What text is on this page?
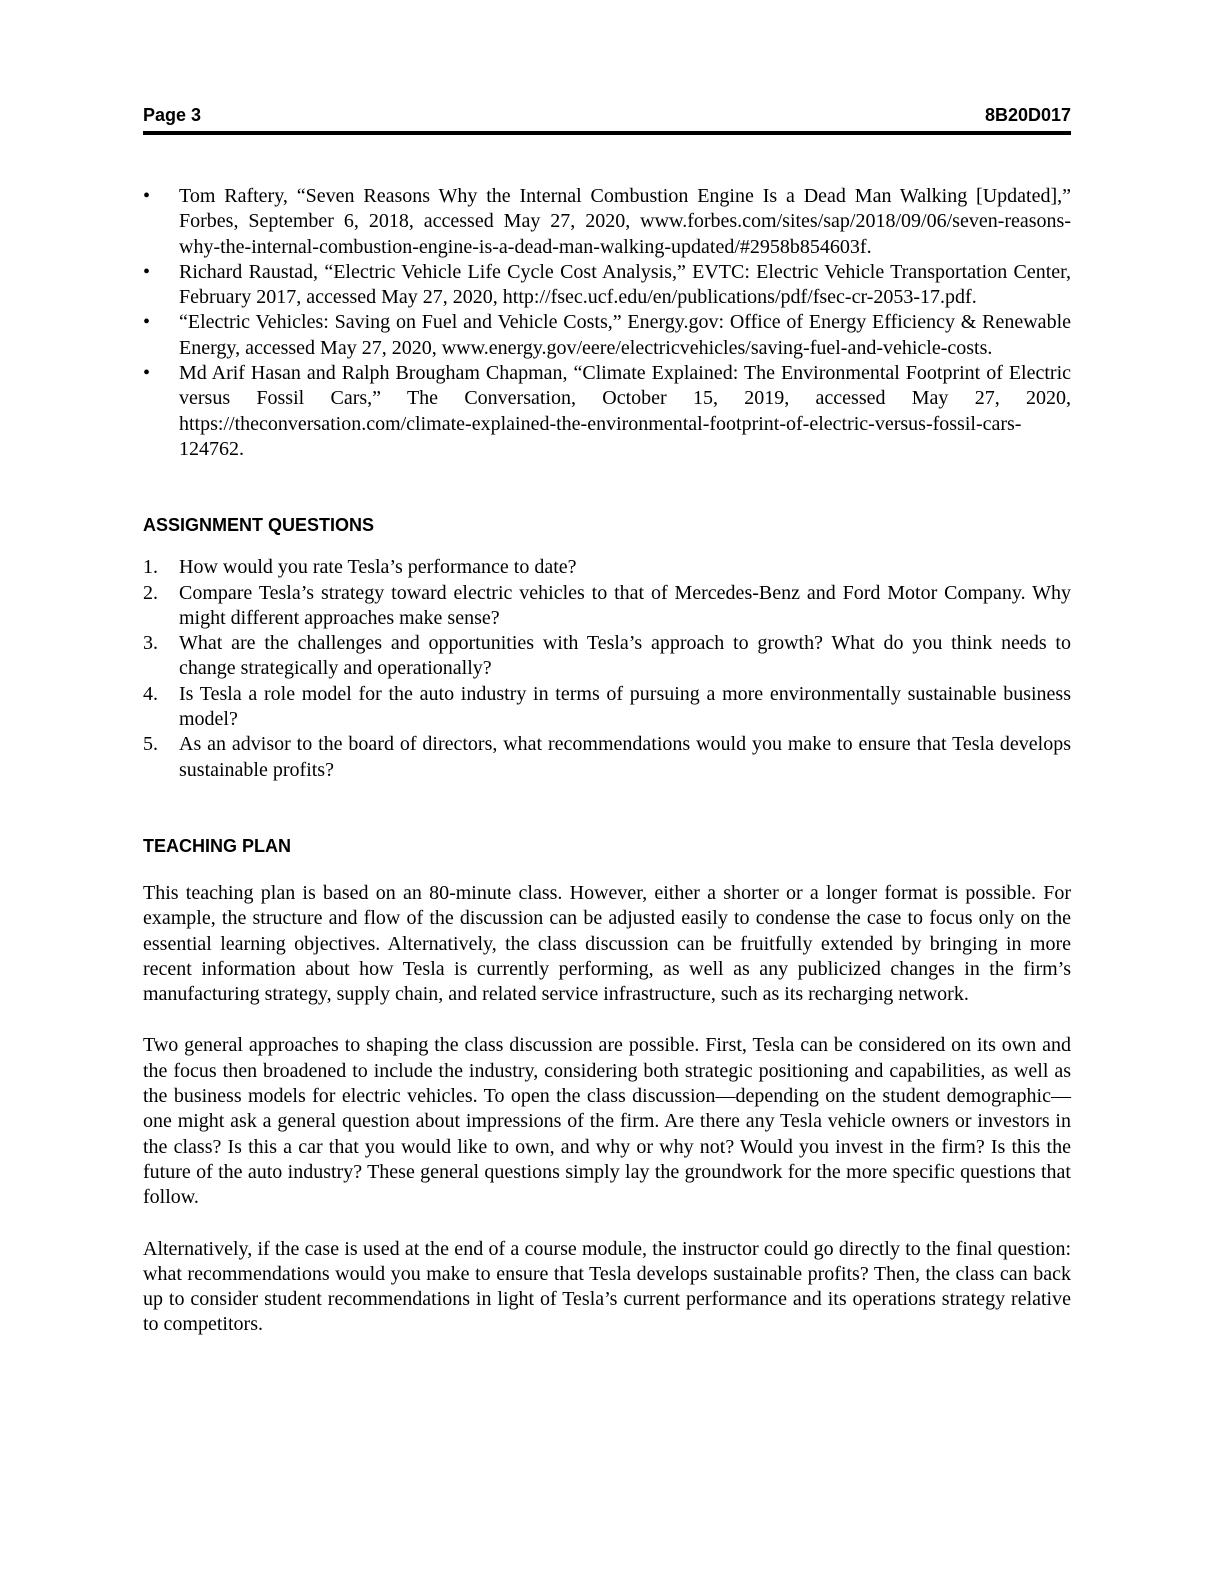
Page 3	8B20D017
• Tom Raftery, “Seven Reasons Why the Internal Combustion Engine Is a Dead Man Walking [Updated],” Forbes, September 6, 2018, accessed May 27, 2020, www.forbes.com/sites/sap/2018/09/06/seven-reasons-why-the-internal-combustion-engine-is-a-dead-man-walking-updated/#2958b854603f.
• Richard Raustad, “Electric Vehicle Life Cycle Cost Analysis,” EVTC: Electric Vehicle Transportation Center, February 2017, accessed May 27, 2020, http://fsec.ucf.edu/en/publications/pdf/fsec-cr-2053-17.pdf.
• “Electric Vehicles: Saving on Fuel and Vehicle Costs,” Energy.gov: Office of Energy Efficiency & Renewable Energy, accessed May 27, 2020, www.energy.gov/eere/electricvehicles/saving-fuel-and-vehicle-costs.
• Md Arif Hasan and Ralph Brougham Chapman, “Climate Explained: The Environmental Footprint of Electric versus Fossil Cars,” The Conversation, October 15, 2019, accessed May 27, 2020, https://theconversation.com/climate-explained-the-environmental-footprint-of-electric-versus-fossil-cars-124762.
ASSIGNMENT QUESTIONS
1. How would you rate Tesla’s performance to date?
2. Compare Tesla’s strategy toward electric vehicles to that of Mercedes-Benz and Ford Motor Company. Why might different approaches make sense?
3. What are the challenges and opportunities with Tesla’s approach to growth? What do you think needs to change strategically and operationally?
4. Is Tesla a role model for the auto industry in terms of pursuing a more environmentally sustainable business model?
5. As an advisor to the board of directors, what recommendations would you make to ensure that Tesla develops sustainable profits?
TEACHING PLAN

This teaching plan is based on an 80-minute class. However, either a shorter or a longer format is possible. For example, the structure and flow of the discussion can be adjusted easily to condense the case to focus only on the essential learning objectives. Alternatively, the class discussion can be fruitfully extended by bringing in more recent information about how Tesla is currently performing, as well as any publicized changes in the firm’s manufacturing strategy, supply chain, and related service infrastructure, such as its recharging network.

Two general approaches to shaping the class discussion are possible. First, Tesla can be considered on its own and the focus then broadened to include the industry, considering both strategic positioning and capabilities, as well as the business models for electric vehicles. To open the class discussion—depending on the student demographic—one might ask a general question about impressions of the firm. Are there any Tesla vehicle owners or investors in the class? Is this a car that you would like to own, and why or why not? Would you invest in the firm? Is this the future of the auto industry? These general questions simply lay the groundwork for the more specific questions that follow.

Alternatively, if the case is used at the end of a course module, the instructor could go directly to the final question: what recommendations would you make to ensure that Tesla develops sustainable profits? Then, the class can back up to consider student recommendations in light of Tesla’s current performance and its operations strategy relative to competitors.
